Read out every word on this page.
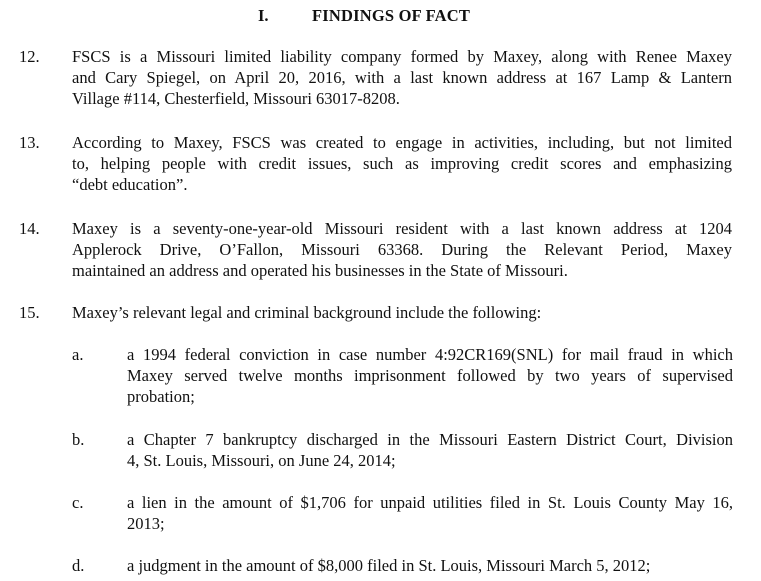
I.	FINDINGS OF FACT
12. FSCS is a Missouri limited liability company formed by Maxey, along with Renee Maxey
and Cary Spiegel, on April 20, 2016, with a last known address at 167 Lamp & Lantern
Village #114, Chesterfield, Missouri 63017-8208.
13. According to Maxey, FSCS was created to engage in activities, including, but not limited
to, helping people with credit issues, such as improving credit scores and emphasizing
“debt education”.
14. Maxey is a seventy-one-year-old Missouri resident with a last known address at 1204
Applerock Drive, O’Fallon, Missouri 63368. During the Relevant Period, Maxey
maintained an address and operated his businesses in the State of Missouri.
15. Maxey’s relevant legal and criminal background include the following:
a.	a 1994 federal conviction in case number 4:92CR169(SNL) for mail fraud in which
Maxey served twelve months imprisonment followed by two years of supervised
probation;
b.	a Chapter 7 bankruptcy discharged in the Missouri Eastern District Court, Division
4, St. Louis, Missouri, on June 24, 2014;
c.	a lien in the amount of $1,706 for unpaid utilities filed in St. Louis County May 16,
2013;
d.	a judgment in the amount of $8,000 filed in St. Louis, Missouri March 5, 2012;
